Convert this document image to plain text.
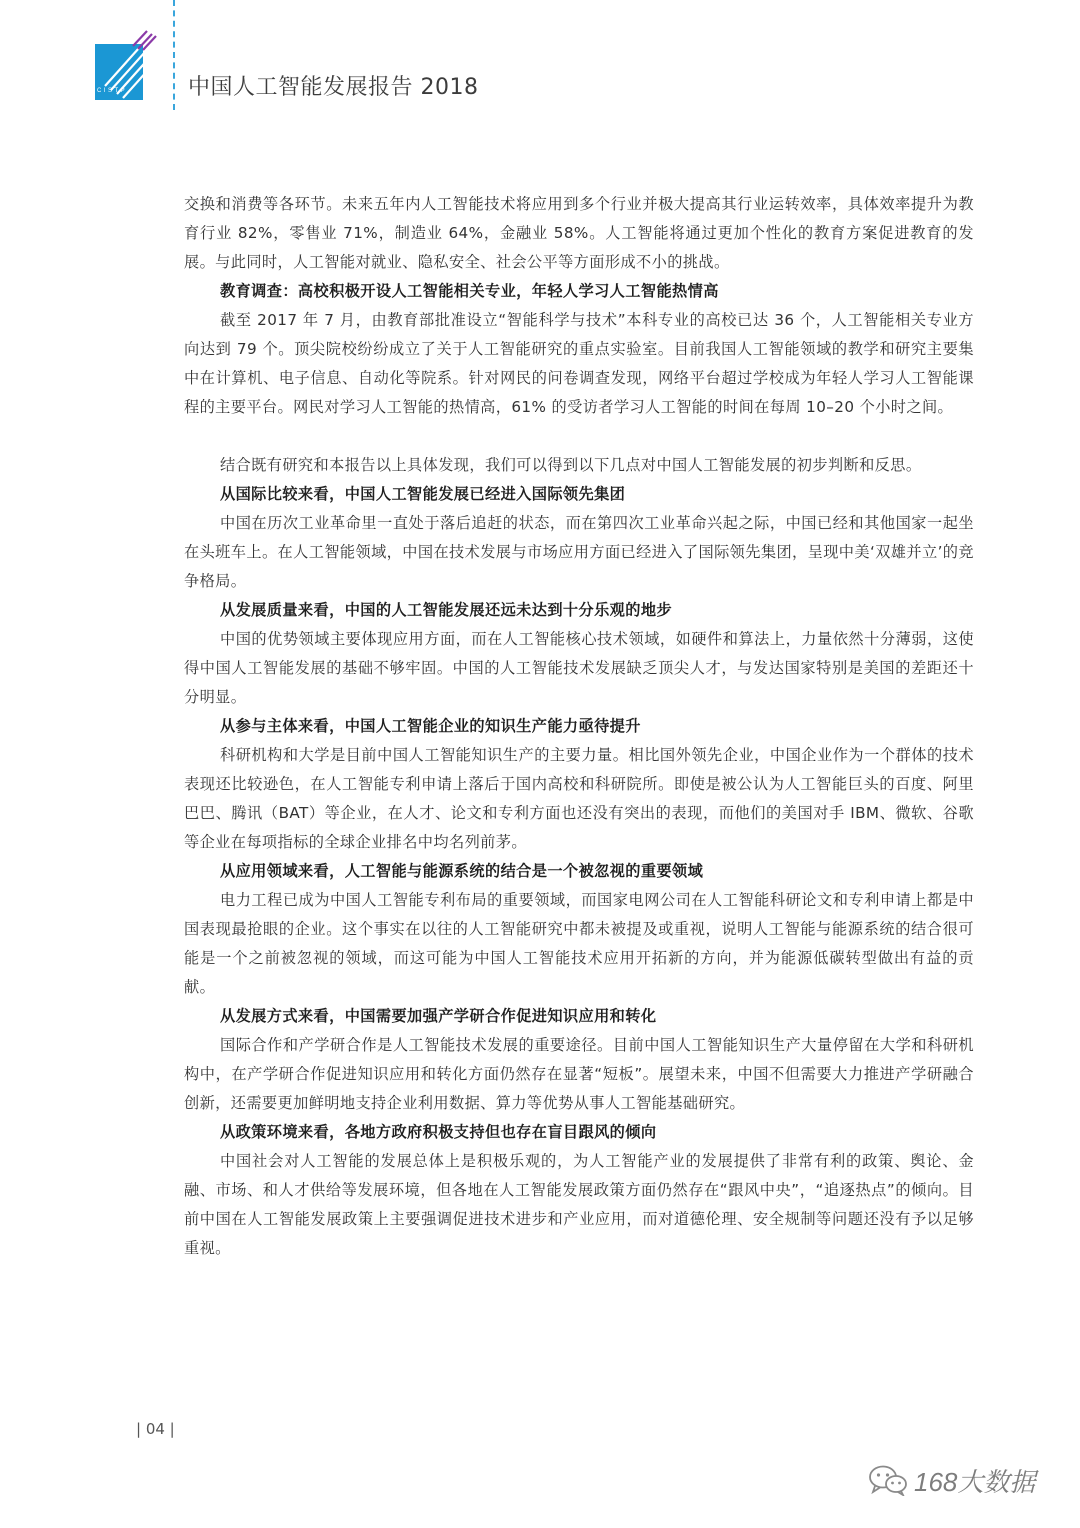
CISTP	中国人工智能发展报告 2018

交换和消费等各环节。未来五年内人工智能技术将应用到多个行业并极大提高其行业运转效率，具体效率提升为教育行业 82%，零售业 71%，制造业 64%，金融业 58%。人工智能将通过更加个性化的教育方案促进教育的发展。与此同时，人工智能对就业、隐私安全、社会公平等方面形成不小的挑战。

教育调查：高校积极开设人工智能相关专业，年轻人学习人工智能热情高

截至 2017 年 7 月，由教育部批准设立“智能科学与技术”本科专业的高校已达 36 个，人工智能相关专业方向达到 79 个。顶尖院校纷纷成立了关于人工智能研究的重点实验室。目前我国人工智能领域的教学和研究主要集中在计算机、电子信息、自动化等院系。针对网民的问卷调查发现，网络平台超过学校成为年轻人学习人工智能课程的主要平台。网民对学习人工智能的热情高，61% 的受访者学习人工智能的时间在每周 10–20 个小时之间。

结合既有研究和本报告以上具体发现，我们可以得到以下几点对中国人工智能发展的初步判断和反思。

从国际比较来看，中国人工智能发展已经进入国际领先集团

中国在历次工业革命里一直处于落后追赶的状态，而在第四次工业革命兴起之际，中国已经和其他国家一起坐在头班车上。在人工智能领域，中国在技术发展与市场应用方面已经进入了国际领先集团，呈现中美‘双雄并立’的竞争格局。

从发展质量来看，中国的人工智能发展还远未达到十分乐观的地步

中国的优势领域主要体现应用方面，而在人工智能核心技术领域，如硬件和算法上，力量依然十分薄弱，这使得中国人工智能发展的基础不够牢固。中国的人工智能技术发展缺乏顶尖人才，与发达国家特别是美国的差距还十分明显。

从参与主体来看，中国人工智能企业的知识生产能力亟待提升

科研机构和大学是目前中国人工智能知识生产的主要力量。相比国外领先企业，中国企业作为一个群体的技术表现还比较逊色，在人工智能专利申请上落后于国内高校和科研院所。即使是被公认为人工智能巨头的百度、阿里巴巴、腾讯（BAT）等企业，在人才、论文和专利方面也还没有突出的表现，而他们的美国对手 IBM、微软、谷歌等企业在每项指标的全球企业排名中均名列前茅。

从应用领域来看，人工智能与能源系统的结合是一个被忽视的重要领域

电力工程已成为中国人工智能专利布局的重要领域，而国家电网公司在人工智能科研论文和专利申请上都是中国表现最抢眼的企业。这个事实在以往的人工智能研究中都未被提及或重视，说明人工智能与能源系统的结合很可能是一个之前被忽视的领域，而这可能为中国人工智能技术应用开拓新的方向，并为能源低碳转型做出有益的贡献。

从发展方式来看，中国需要加强产学研合作促进知识应用和转化

国际合作和产学研合作是人工智能技术发展的重要途径。目前中国人工智能知识生产大量停留在大学和科研机构中，在产学研合作促进知识应用和转化方面仍然存在显著“短板”。展望未来，中国不但需要大力推进产学研融合创新，还需要更加鲜明地支持企业利用数据、算力等优势从事人工智能基础研究。

从政策环境来看，各地方政府积极支持但也存在盲目跟风的倾向

中国社会对人工智能的发展总体上是积极乐观的，为人工智能产业的发展提供了非常有利的政策、舆论、金融、市场、和人才供给等发展环境，但各地在人工智能发展政策方面仍然存在“跟风中央”，“追逐热点”的倾向。目前中国在人工智能发展政策上主要强调促进技术进步和产业应用，而对道德伦理、安全规制等问题还没有予以足够重视。

| 04 |
168大数据
